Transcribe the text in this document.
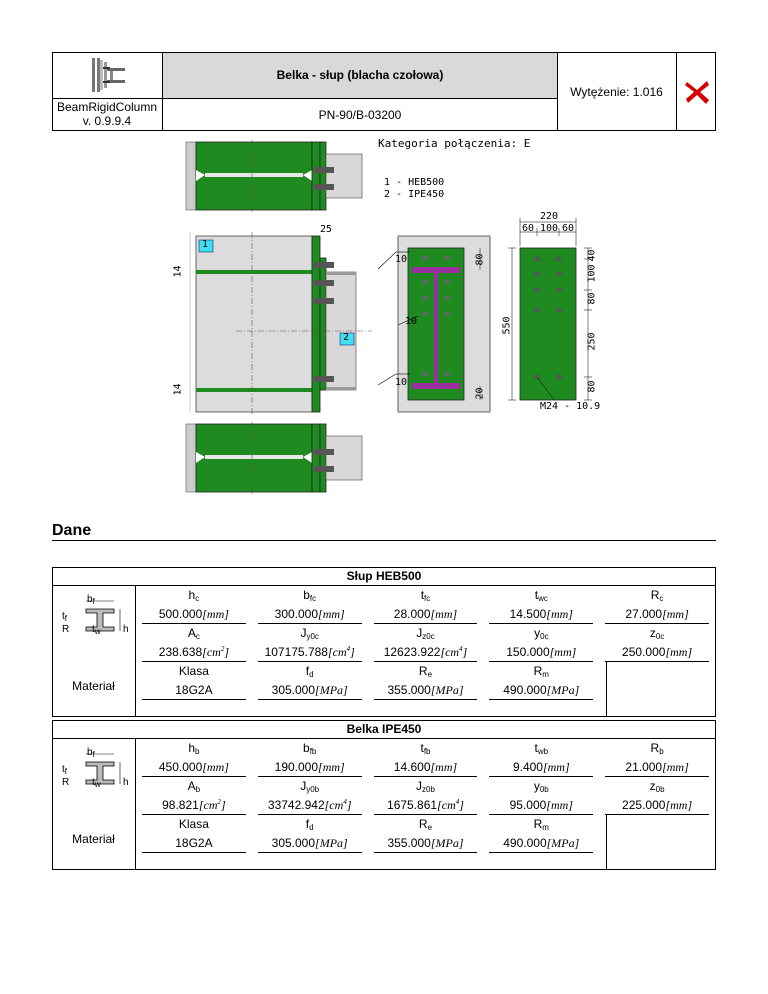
BeamRigidColumn
v. 0.9.9.4
Belka - słup (blacha czołowa)
PN-90/B-03200
Wytężenie: 1.016
Kategoria połączenia: E
1 - HEB500
2 - IPE450
1
2
25
14
14
10
10
10
80
20
550
220
60 100 60
40
100
80
250
80
M24 - 10.9
Dane
Słup HEB500
$b_f$
$t_f$
R $t_w$ h
Materiał
$h_c$
500.000[mm]
$b_{fc}$
300.000[mm]
$t_{fc}$
28.000[mm]
$t_{wc}$
14.500[mm]
$R_c$
27.000[mm]
$A_c$
$238.638[cm^2]$
$J_{y0c}$
$107175.788[cm^4]$
$J_{z0c}$
$12623.922[cm^4]$
$y_{0c}$
150.000[mm]
$z_{0c}$
250.000[mm]
Klasa
18G2A
$f_d$
305.000[MPa]
$R_e$
355.000[MPa]
$R_m$
490.000[MPa]
Belka IPE450
$b_f$
$t_f$
R $t_w$ h
Materiał
$h_b$
450.000[mm]
$b_{fb}$
190.000[mm]
$t_{fb}$
14.600[mm]
$t_{wb}$
9.400[mm]
$R_b$
21.000[mm]
$A_b$
$98.821[cm^2]$
$J_{y0b}$
$33742.942[cm^4]$
$J_{z0b}$
$1675.861[cm^4]$
$y_{0b}$
95.000[mm]
$z_{0b}$
225.000[mm]
Klasa
18G2A
$f_d$
305.000[MPa]
$R_e$
355.000[MPa]
$R_m$
490.000[MPa]
